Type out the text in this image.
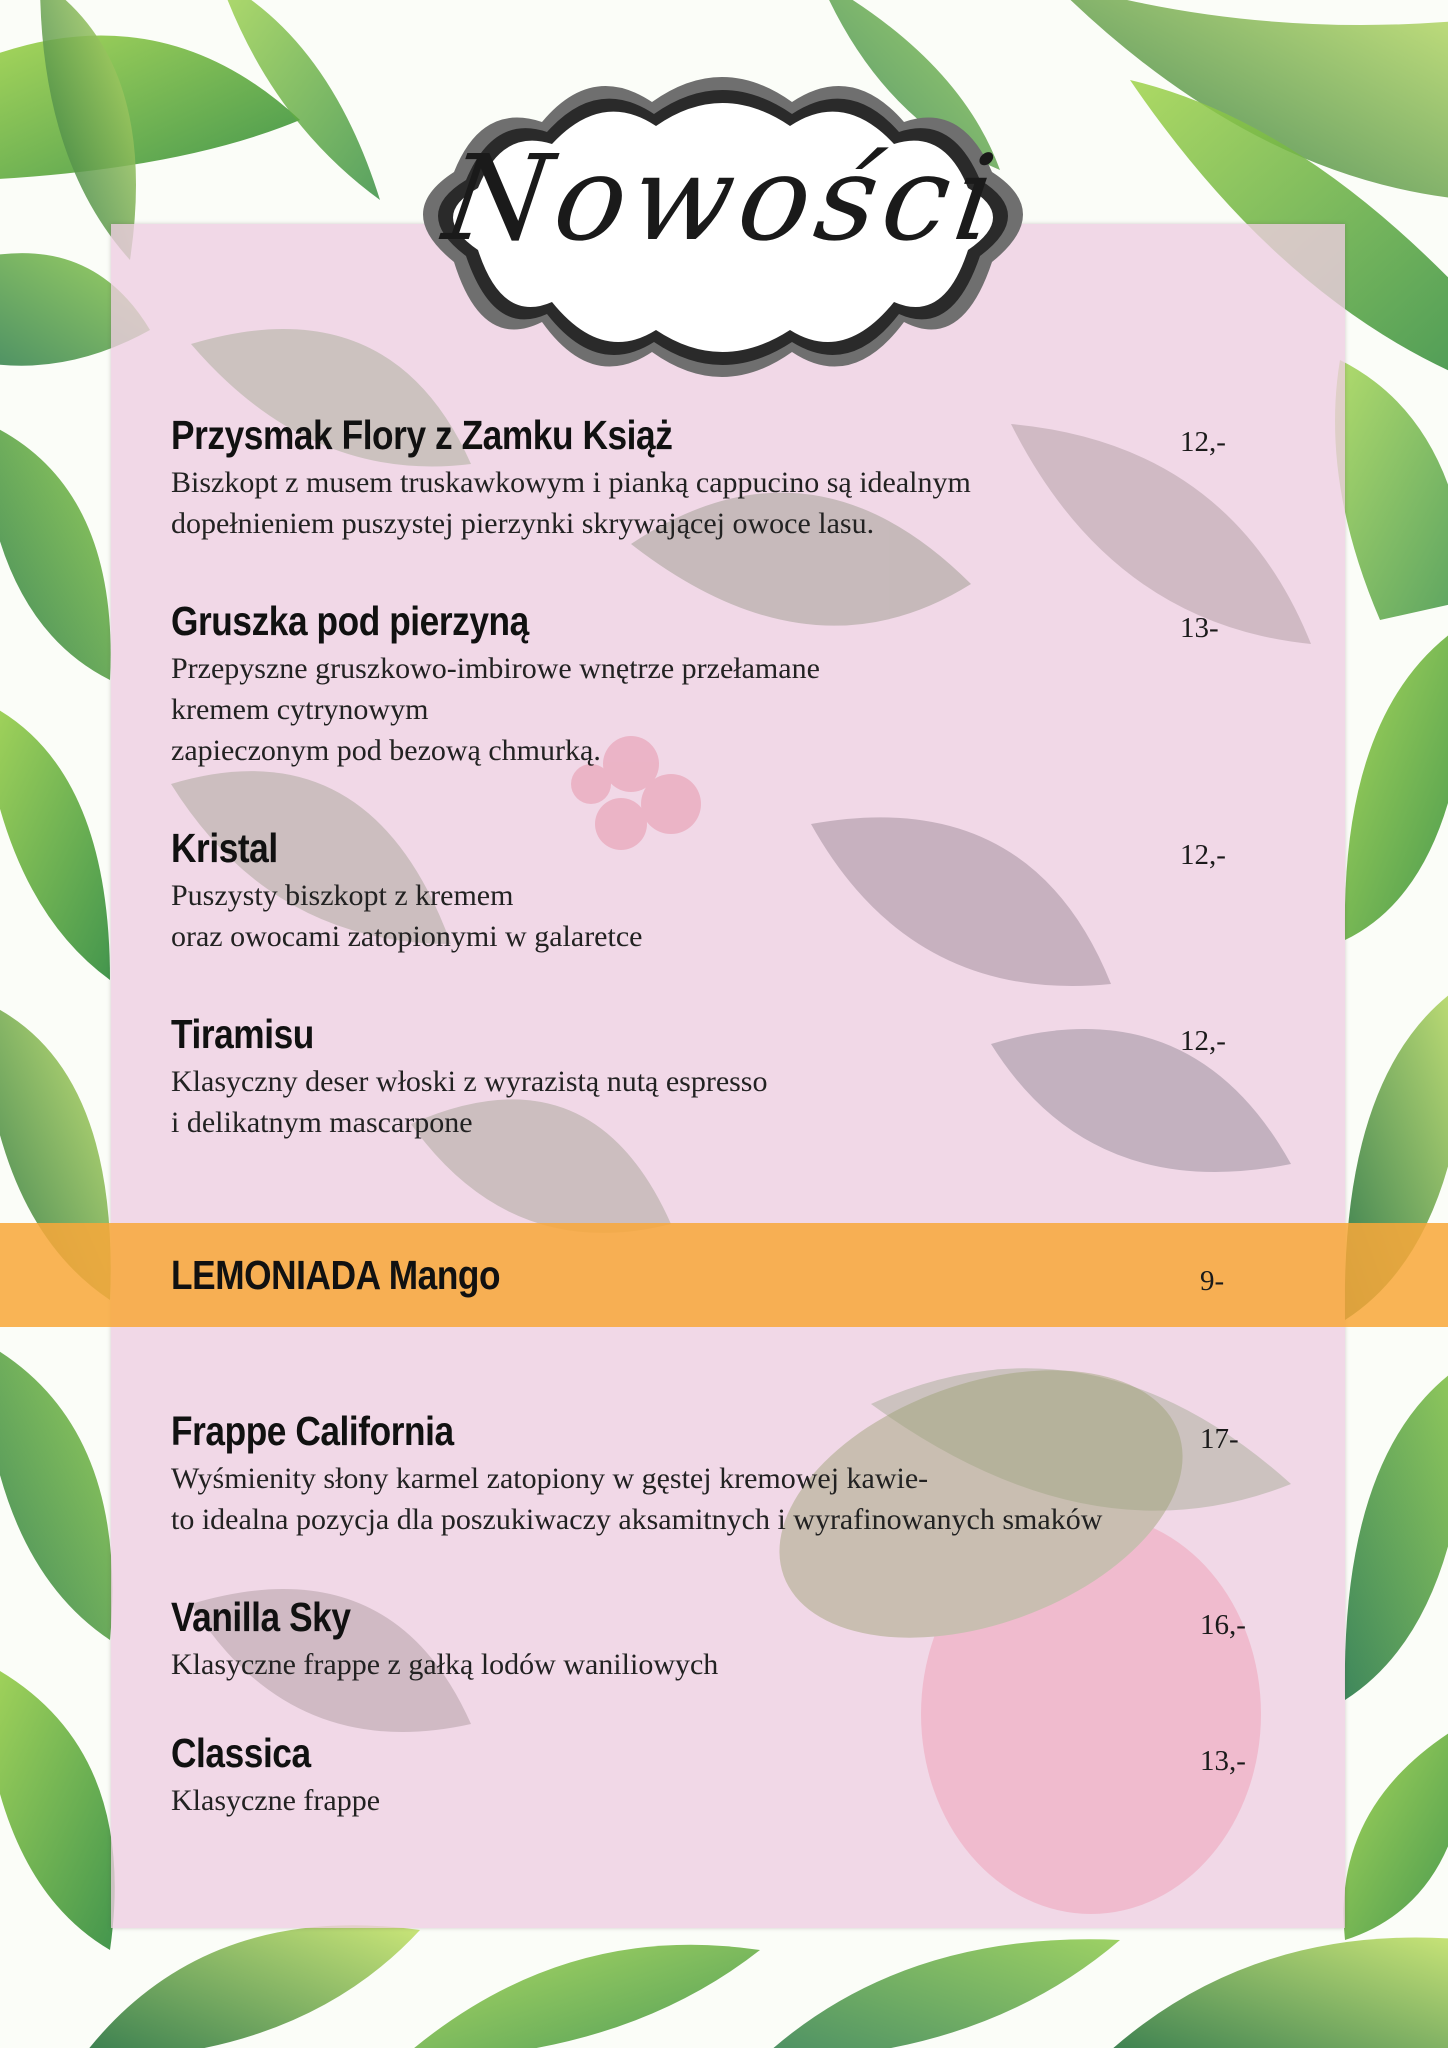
Nowości
Przysmak Flory z Zamku Książ	12,-
Biszkopt z musem truskawkowym i pianką cappucino są idealnym
dopełnieniem puszystej pierzynki skrywającej owoce lasu.
Gruszka pod pierzyną	13-
Przepyszne gruszkowo-imbirowe wnętrze przełamane
kremem cytrynowym
zapieczonym pod bezową chmurką.
Kristal	12,-
Puszysty biszkopt z kremem
oraz owocami zatopionymi w galaretce
Tiramisu	12,-
Klasyczny deser włoski z wyrazistą nutą espresso
i delikatnym mascarpone
LEMONIADA Mango	9-
Frappe California	17-
Wyśmienity słony karmel zatopiony w gęstej kremowej kawie-
to idealna pozycja dla poszukiwaczy aksamitnych i wyrafinowanych smaków
Vanilla Sky	16,-
Klasyczne frappe z gałką lodów waniliowych
Classica	13,-
Klasyczne frappe
